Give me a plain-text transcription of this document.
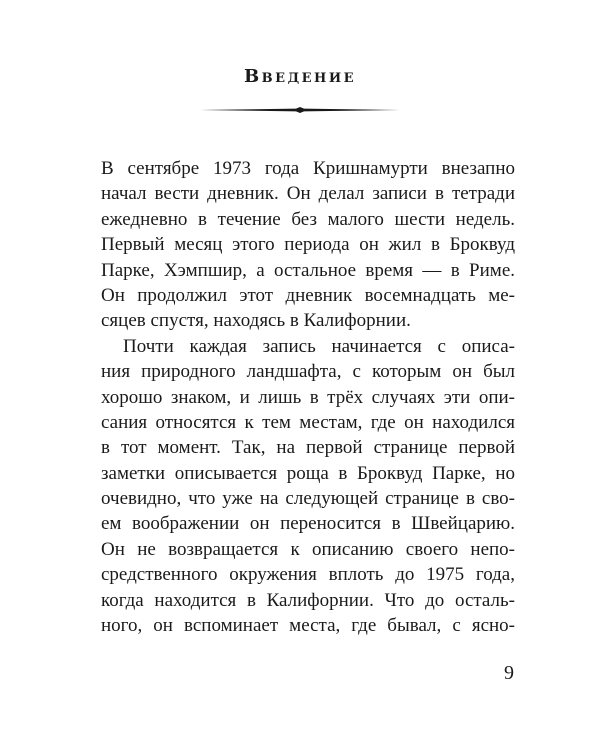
Введение
В сентябре 1973 года Кришнамурти внезапно
начал вести дневник. Он делал записи в тетради
ежедневно в течение без малого шести недель.
Первый месяц этого периода он жил в Броквуд
Парке, Хэмпшир, а остальное время — в Риме.
Он продолжил этот дневник восемнадцать ме-
сяцев спустя, находясь в Калифорнии.
Почти каждая запись начинается с описа-
ния природного ландшафта, с которым он был
хорошо знаком, и лишь в трёх случаях эти опи-
сания относятся к тем местам, где он находился
в тот момент. Так, на первой странице первой
заметки описывается роща в Броквуд Парке, но
очевидно, что уже на следующей странице в сво-
ем воображении он переносится в Швейцарию.
Он не возвращается к описанию своего непо-
средственного окружения вплоть до 1975 года,
когда находится в Калифорнии. Что до осталь-
ного, он вспоминает места, где бывал, с ясно-
9
